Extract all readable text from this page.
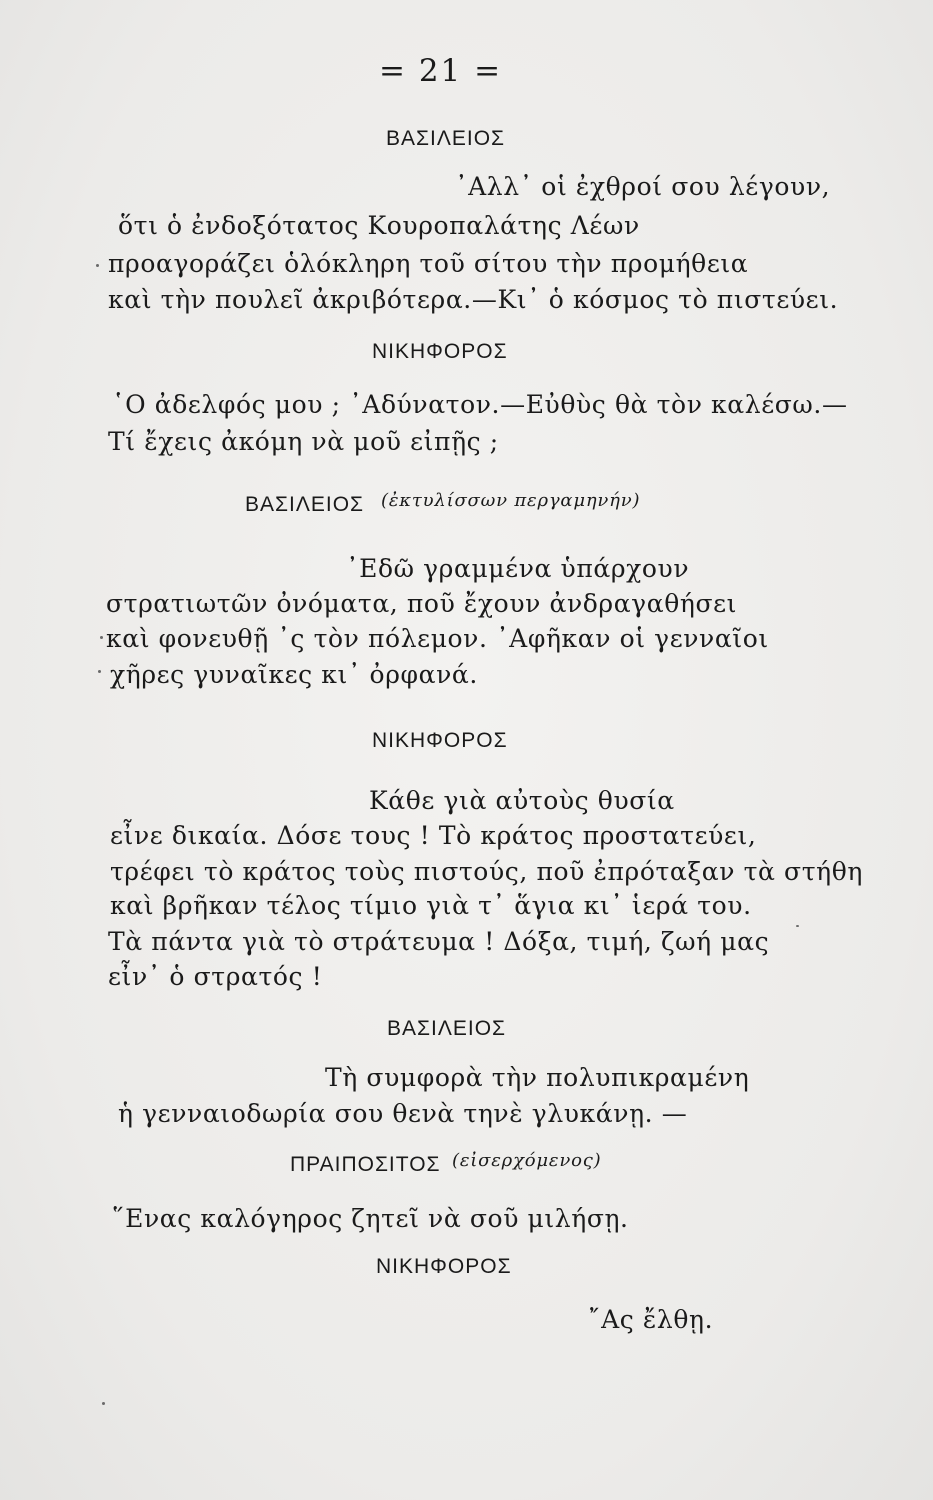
= 21 =
ΒΑΣΙΛΕΙΟΣ
᾿Αλλ᾿ οἱ ἐχθροί σου λέγουν,
ὅτι ὁ ἐνδοξότατος Κουροπαλάτης Λέων
προαγοράζει ὁλόκληρη τοῦ σίτου τὴν προμήθεια
καὶ τὴν πουλεῖ ἀκριβότερα.—Κι᾿ ὁ κόσμος τὸ πιστεύει.
ΝΙΚΗΦΟΡΟΣ
῾Ο ἀδελφός μου ; ᾿Αδύνατον.—Εὐθὺς θὰ τὸν καλέσω.—
Τί ἔχεις ἀκόμη νὰ μοῦ εἰπῇς ;
ΒΑΣΙΛΕΙΟΣ (ἐκτυλίσσων περγαμηνήν)
᾿Εδῶ γραμμένα ὑπάρχουν
στρατιωτῶν ὀνόματα, ποῦ ἔχουν ἀνδραγαθήσει
καὶ φονευθῇ ᾿ς τὸν πόλεμον. ᾿Αφῆκαν οἱ γενναῖοι
χῆρες γυναῖκες κι᾿ ὀρφανά.
ΝΙΚΗΦΟΡΟΣ
Κάθε γιὰ αὐτοὺς θυσία
εἶνε δικαία. Δόσε τους ! Τὸ κράτος προστατεύει,
τρέφει τὸ κράτος τοὺς πιστούς, ποῦ ἐπρόταξαν τὰ στήθη
καὶ βρῆκαν τέλος τίμιο γιὰ τ᾿ ἅγια κι᾿ ἱερά του.
Τὰ πάντα γιὰ τὸ στράτευμα ! Δόξα, τιμή, ζωή μας
εἶν᾿ ὁ στρατός !
ΒΑΣΙΛΕΙΟΣ
Τὴ συμφορὰ τὴν πολυπικραμένη
ἡ γενναιοδωρία σου θενὰ τηνὲ γλυκάνῃ. —
ΠΡΑΙΠΟΣΙΤΟΣ (εἰσερχόμενος)
῞Ενας καλόγηρος ζητεῖ νὰ σοῦ μιλήσῃ.
ΝΙΚΗΦΟΡΟΣ
῎Ας ἔλθῃ.
